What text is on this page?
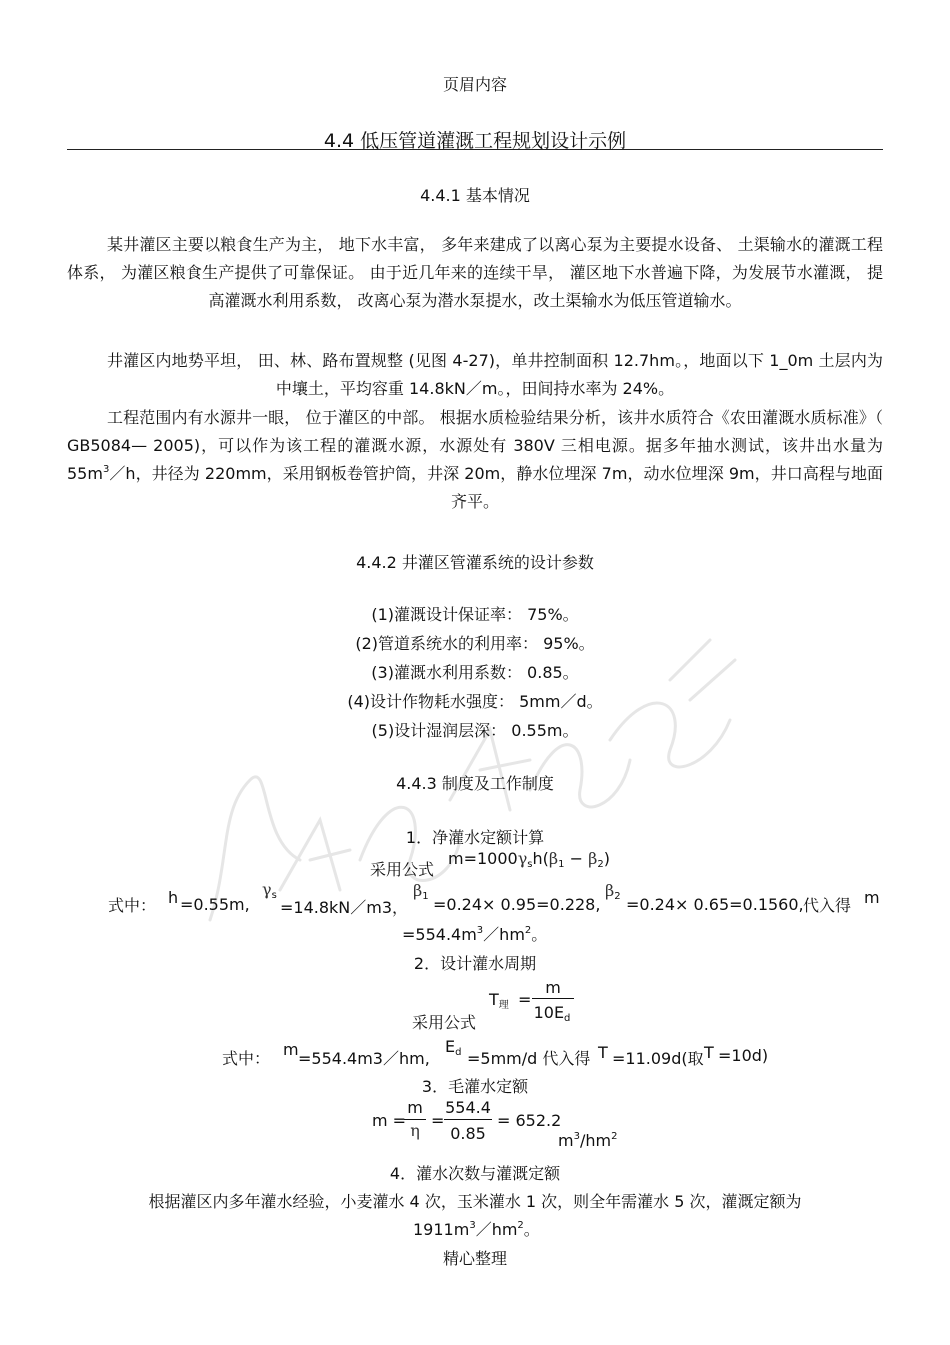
页眉内容
4.4 低压管道灌溉工程规划设计示例
4.4.1 基本情况
某井灌区主要以粮食生产为主， 地下水丰富， 多年来建成了以离心泵为主要提水设备、 土渠输水的灌溉工程体系， 为灌区粮食生产提供了可靠保证。 由于近几年来的连续干旱， 灌区地下水普遍下降，为发展节水灌溉， 提高灌溉水利用系数， 改离心泵为潜水泵提水，改土渠输水为低压管道输水。
井灌区内地势平坦， 田、林、路布置规整 (见图 4-27)，单井控制面积 12.7hm。，地面以下 1_0m 土层内为中壤土，平均容重 14.8kN／m。，田间持水率为 24%。
工程范围内有水源井一眼， 位于灌区的中部。 根据水质检验结果分析，该井水质符合《农田灌溉水质标准》（ GB5084— 2005)，可以作为该工程的灌溉水源，水源处有 380V 三相电源。据多年抽水测试，该井出水量为 $55m^3/h$，井径为 220mm，采用钢板卷管护筒，井深 20m，静水位埋深 7m，动水位埋深 9m，井口高程与地面齐平。
4.4.2 井灌区管灌系统的设计参数
(1)灌溉设计保证率： 75%。
(2)管道系统水的利用率： 95%。
(3)灌溉水利用系数： 0.85。
(4)设计作物耗水强度： 5mm／d。
(5)设计湿润层深： 0.55m。
4.4.3 制度及工作制度
1．净灌水定额计算
采用公式
$m=1000\gamma_sh(\beta_1 - \beta_2)$
式中： h =0.55m,
$\gamma_s$
=14.8kN／m3，
$\beta_1 =0.24\times 0.95=0.228$,
$\beta_2 =0.24\times 0.65=0.1560$, 代入得 m
$=554.4m^3/hm^2$。
2．设计灌水周期
$T_理$ =
m
$10E_d$
采用公式
式中： m =554.4m3／hm,
$E_d =5mm/d$ 代入得 T =11.09d(取 T =10d)
3．毛灌水定额
m =
m
η
=
554.4
0.85
= 652.2
$m^3/hm^2$
4．灌水次数与灌溉定额
根据灌区内多年灌水经验，小麦灌水 4 次，玉米灌水 1 次，则全年需灌水 5 次，灌溉定额为
$1911m^3/hm^2$。
精心整理
